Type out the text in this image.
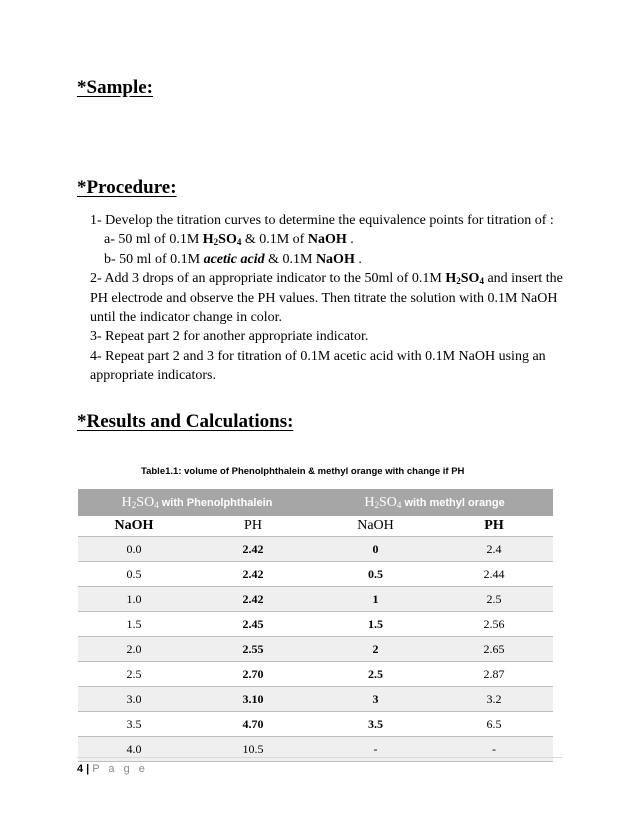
*Sample:
*Procedure:

1- Develop the titration curves to determine the equivalence points for titration of :

a- 50 ml of 0.1M $H_2SO_4$ & 0.1M of NaOH .

b- 50 ml of 0.1M acetic acid & 0.1M NaOH .

2- Add 3 drops of an appropriate indicator to the 50ml of 0.1M $H_2SO_4$ and insert the PH electrode and observe the PH values. Then titrate the solution with 0.1M NaOH until the indicator change in color.

3- Repeat part 2 for another appropriate indicator.

4- Repeat part 2 and 3 for titration of 0.1M acetic acid with 0.1M NaOH using an appropriate indicators.

*Results and Calculations:
Table1.1: volume of Phenolphthalein & methyl orange with change if PH
$H_2SO_4$ with Phenolphthalein		$H_2SO_4$ with methyl orange	
NaOH	PH	NaOH	PH
0.0	2.42	0	2.4
0.5	2.42	0.5	2.44
1.0	2.42	1	2.5
1.5	2.45	1.5	2.56
2.0	2.55	2	2.65
2.5	2.70	2.5	2.87
3.0	3.10	3	3.2
3.5	4.70	3.5	6.5
4.0	10.5	-	-
4 | P a g e
